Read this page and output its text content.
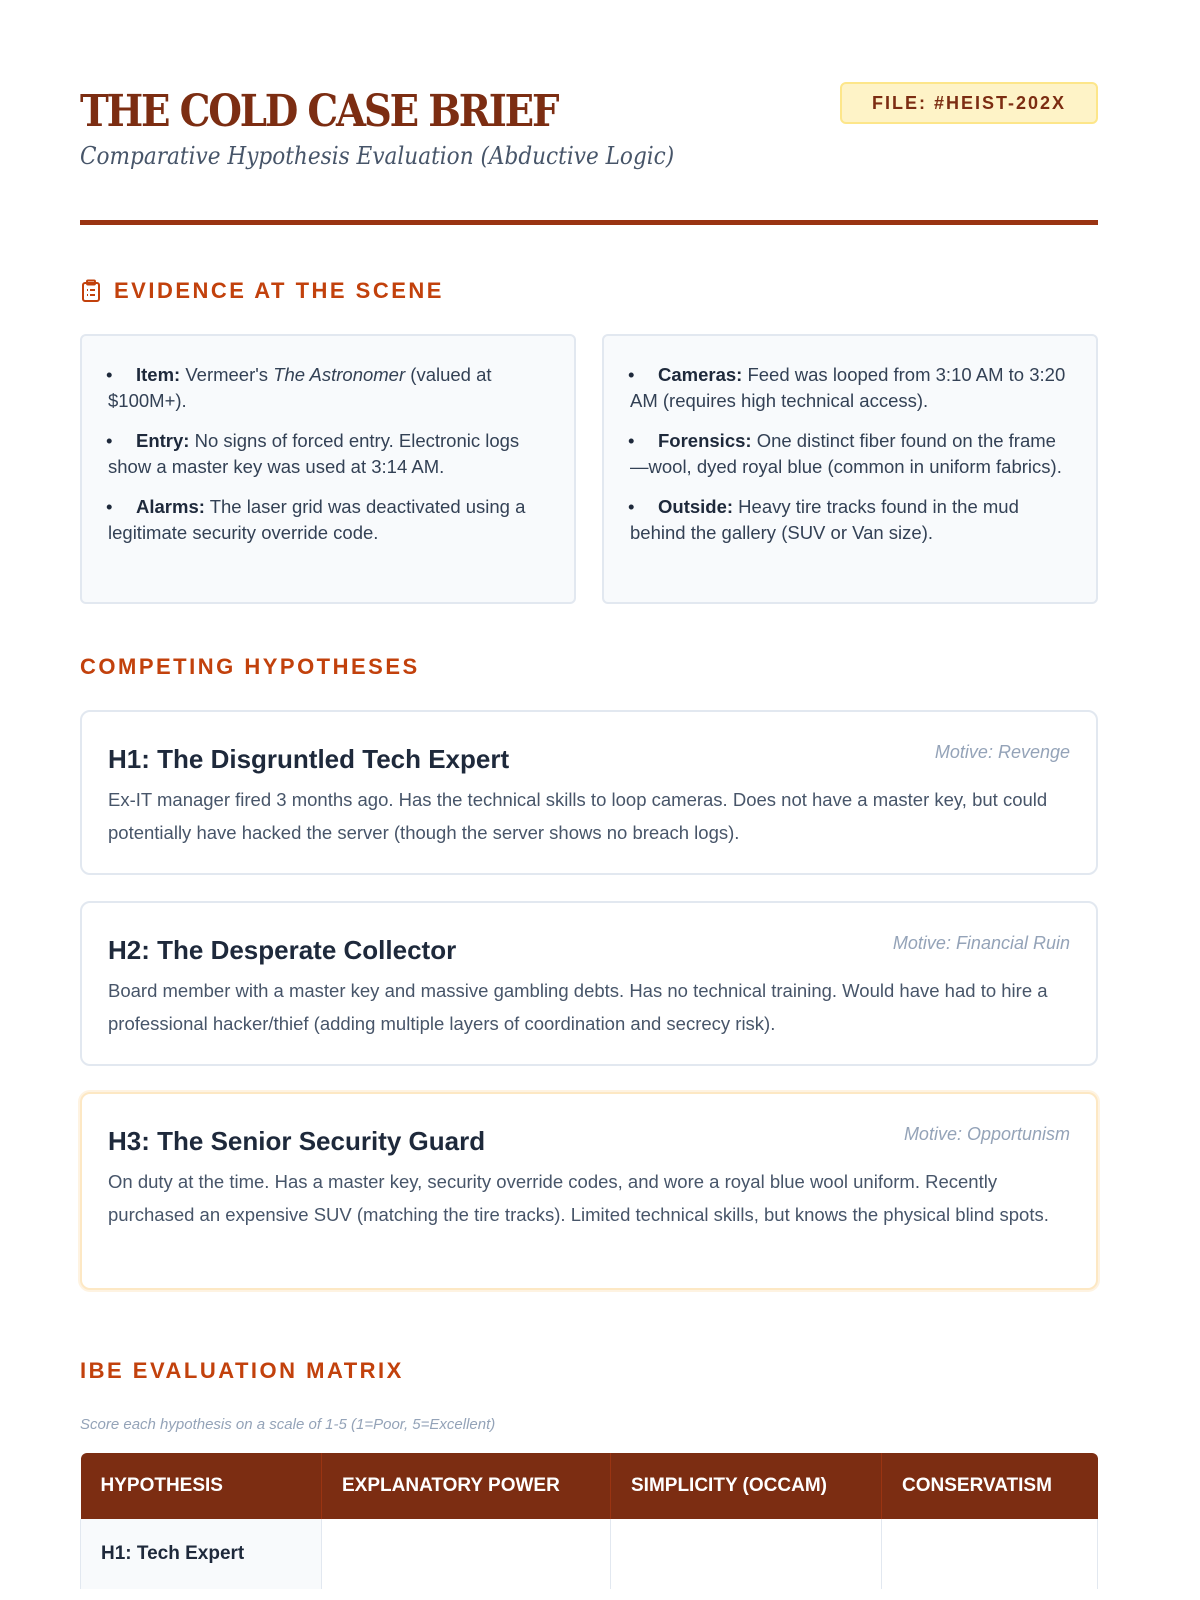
THE COLD CASE BRIEF
Comparative Hypothesis Evaluation (Abductive Logic)
FILE: #HEIST-202X
EVIDENCE AT THE SCENE
• Item: Vermeer's The Astronomer (valued at $100M+).
• Entry: No signs of forced entry. Electronic logs show a master key was used at 3:14 AM.
• Alarms: The laser grid was deactivated using a legitimate security override code.
• Cameras: Feed was looped from 3:10 AM to 3:20 AM (requires high technical access).
• Forensics: One distinct fiber found on the frame—wool, dyed royal blue (common in uniform fabrics).
• Outside: Heavy tire tracks found in the mud behind the gallery (SUV or Van size).
COMPETING HYPOTHESES
Motive: Revenge
H1: The Disgruntled Tech Expert
Ex-IT manager fired 3 months ago. Has the technical skills to loop cameras. Does not have a master key, but could potentially have hacked the server (though the server shows no breach logs).
Motive: Financial Ruin
H2: The Desperate Collector
Board member with a master key and massive gambling debts. Has no technical training. Would have had to hire a professional hacker/thief (adding multiple layers of coordination and secrecy risk).
Motive: Opportunism
H3: The Senior Security Guard
On duty at the time. Has a master key, security override codes, and wore a royal blue wool uniform. Recently purchased an expensive SUV (matching the tire tracks). Limited technical skills, but knows the physical blind spots.
IBE EVALUATION MATRIX
Score each hypothesis on a scale of 1-5 (1=Poor, 5=Excellent)
HYPOTHESIS	EXPLANATORY POWER	SIMPLICITY (OCCAM)	CONSERVATISM
H1: Tech Expert			
